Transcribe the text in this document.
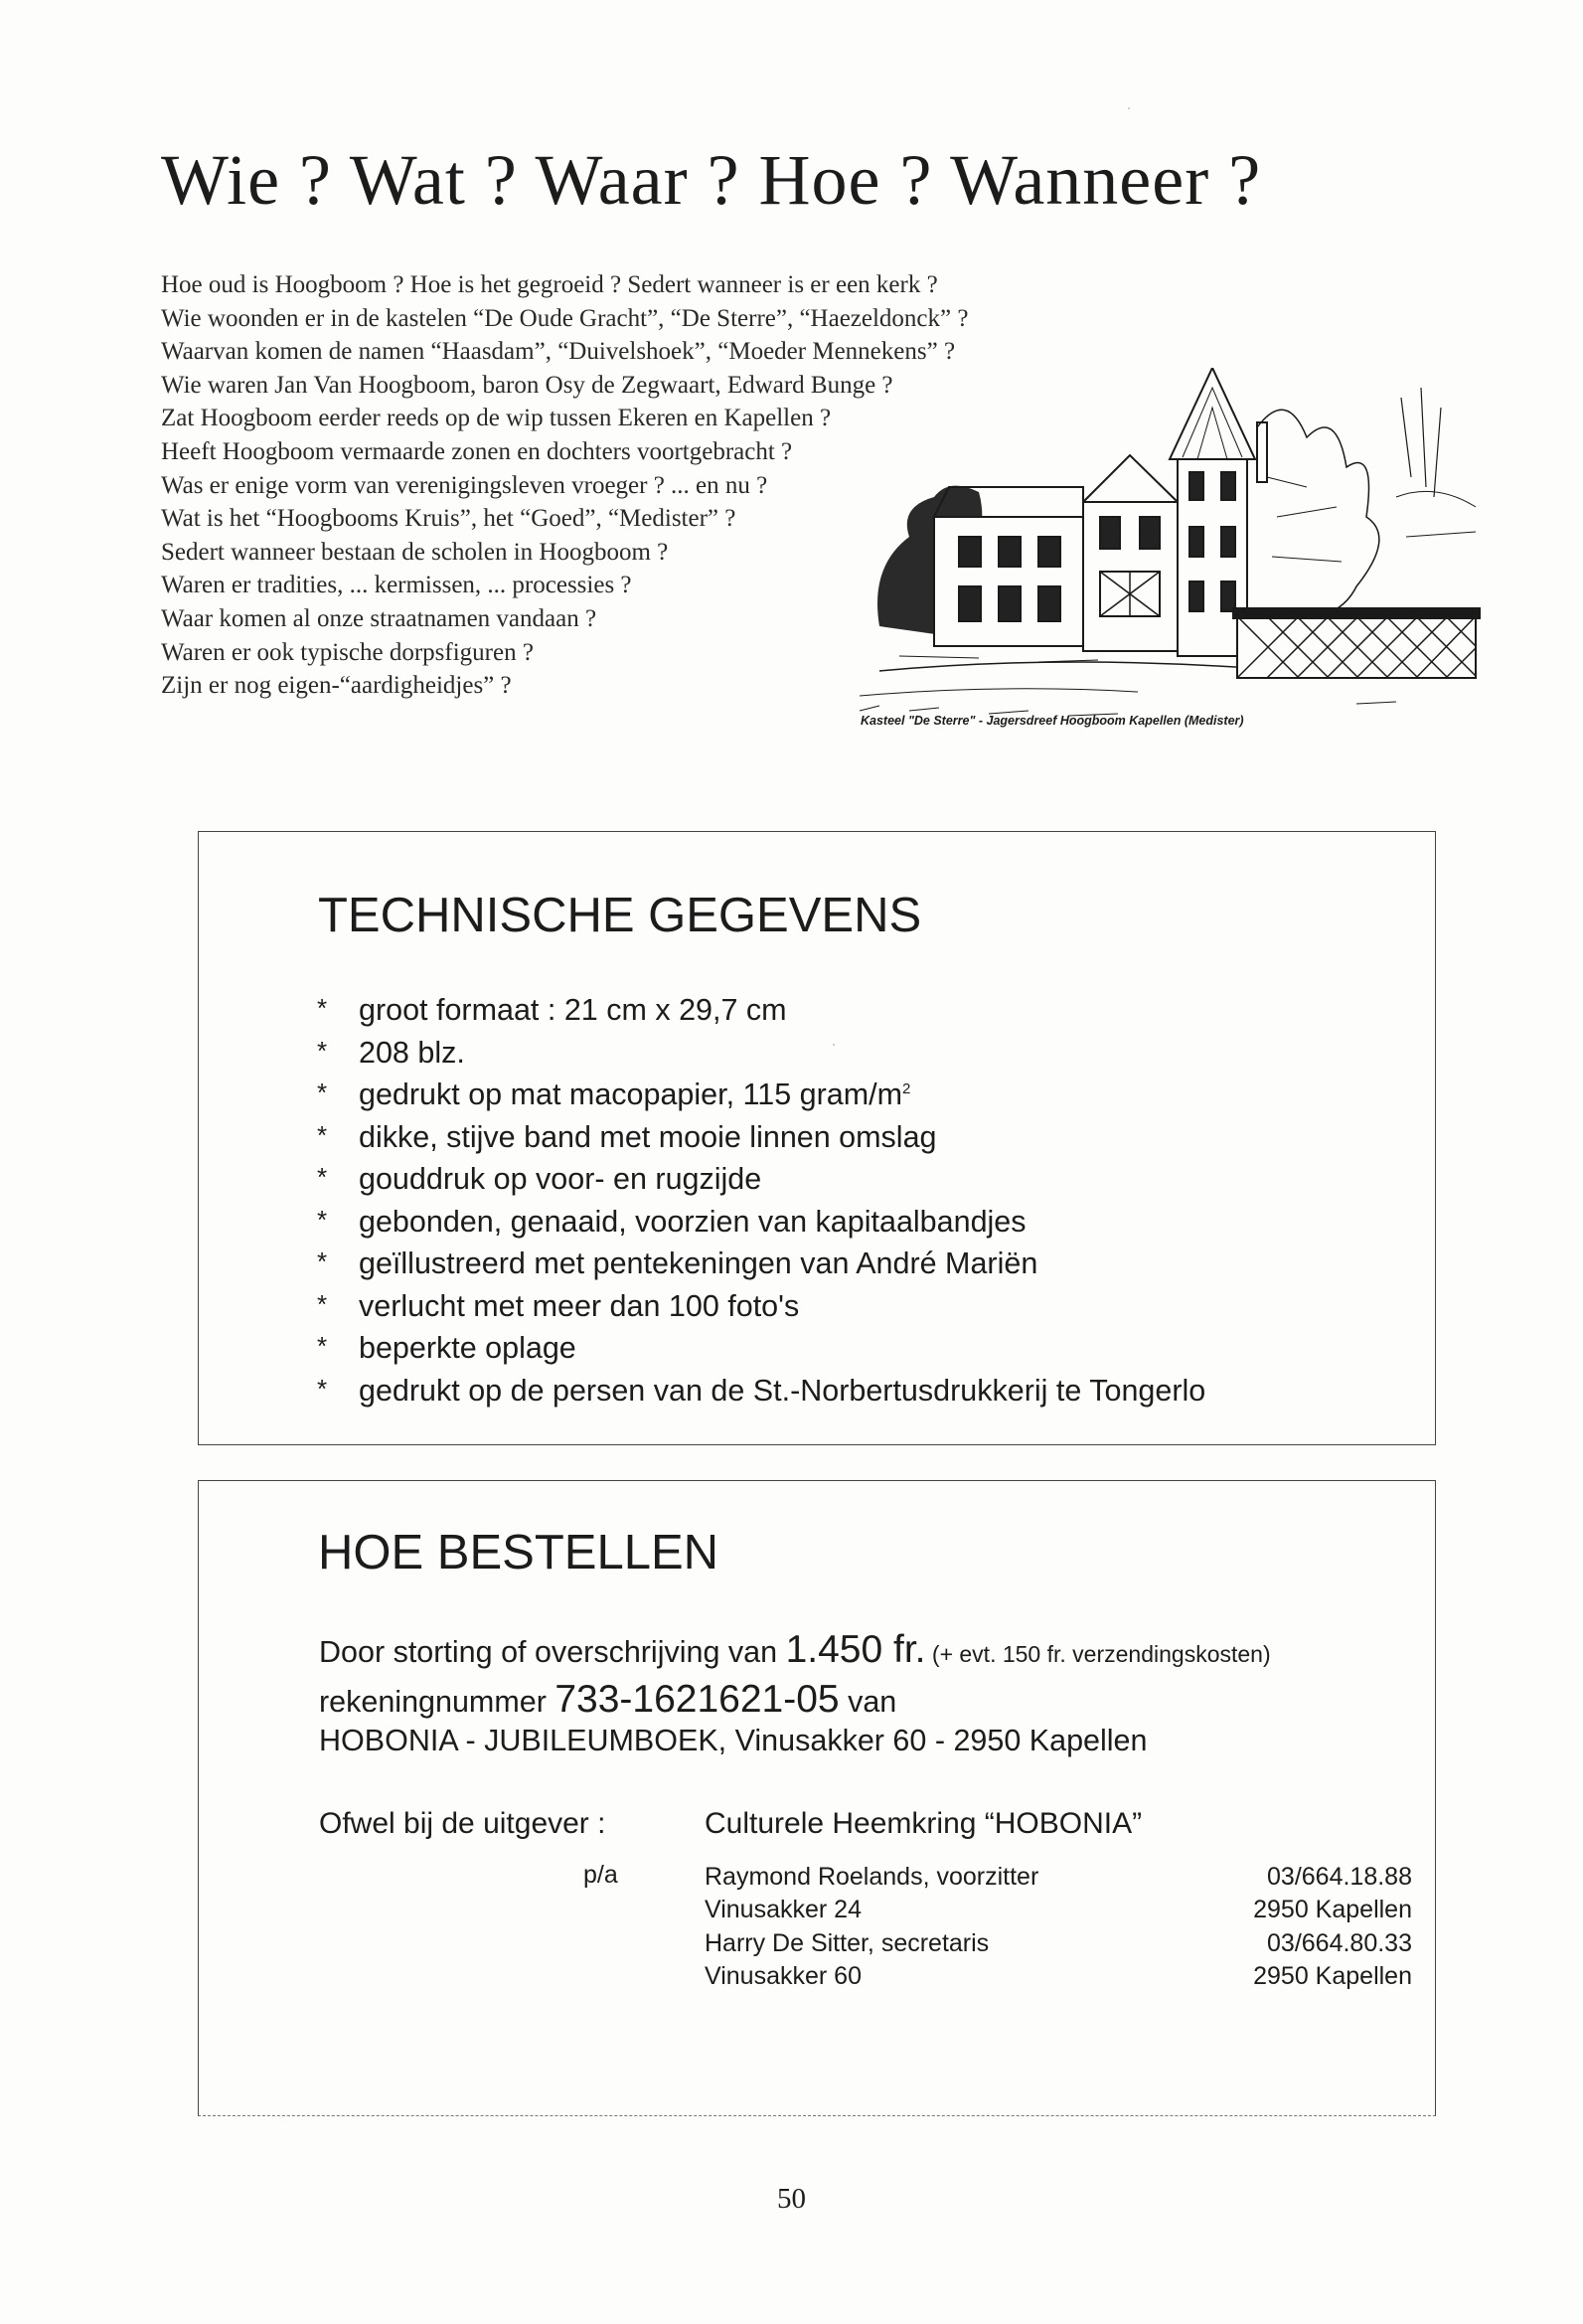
Wie ? Wat ? Waar ? Hoe ? Wanneer ?
Hoe oud is Hoogboom ? Hoe is het gegroeid ? Sedert wanneer is er een kerk ?
Wie woonden er in de kastelen “De Oude Gracht”, “De Sterre”, “Haezeldonck” ?
Waarvan komen de namen “Haasdam”, “Duivelshoek”, “Moeder Mennekens” ?
Wie waren Jan Van Hoogboom, baron Osy de Zegwaart, Edward Bunge ?
Zat Hoogboom eerder reeds op de wip tussen Ekeren en Kapellen ?
Heeft Hoogboom vermaarde zonen en dochters voortgebracht ?
Was er enige vorm van verenigingsleven vroeger ? ... en nu ?
Wat is het “Hoogbooms Kruis”, het “Goed”, “Medister” ?
Sedert wanneer bestaan de scholen in Hoogboom ?
Waren er tradities, ... kermissen, ... processies ?
Waar komen al onze straatnamen vandaan ?
Waren er ook typische dorpsfiguren ?
Zijn er nog eigen-“aardigheidjes” ?
Kasteel "De Sterre" - Jagersdreef Hoogboom Kapellen (Medister)
TECHNISCHE GEGEVENS
* groot formaat : 21 cm x 29,7 cm
* 208 blz.
* gedrukt op mat macopapier, 115 gram/$m^2$
* dikke, stijve band met mooie linnen omslag
* gouddruk op voor- en rugzijde
* gebonden, genaaid, voorzien van kapitaalbandjes
* geïllustreerd met pentekeningen van André Mariën
* verlucht met meer dan 100 foto's
* beperkte oplage
* gedrukt op de persen van de St.-Norbertusdrukkerij te Tongerlo
HOE BESTELLEN

Door storting of overschrijving van 1.450 fr. (+ evt. 150 fr. verzendingskosten)

rekeningnummer 733-1621621-05 van

HOBONIA - JUBILEUMBOEK, Vinusakker 60 - 2950 Kapellen

Ofwel bij de uitgever :
p/a
Culturele Heemkring “HOBONIA”
Raymond Roelands, voorzitter	03/664.18.88
Vinusakker 24	2950 Kapellen
Harry De Sitter, secretaris	03/664.80.33
Vinusakker 60	2950 Kapellen
50
